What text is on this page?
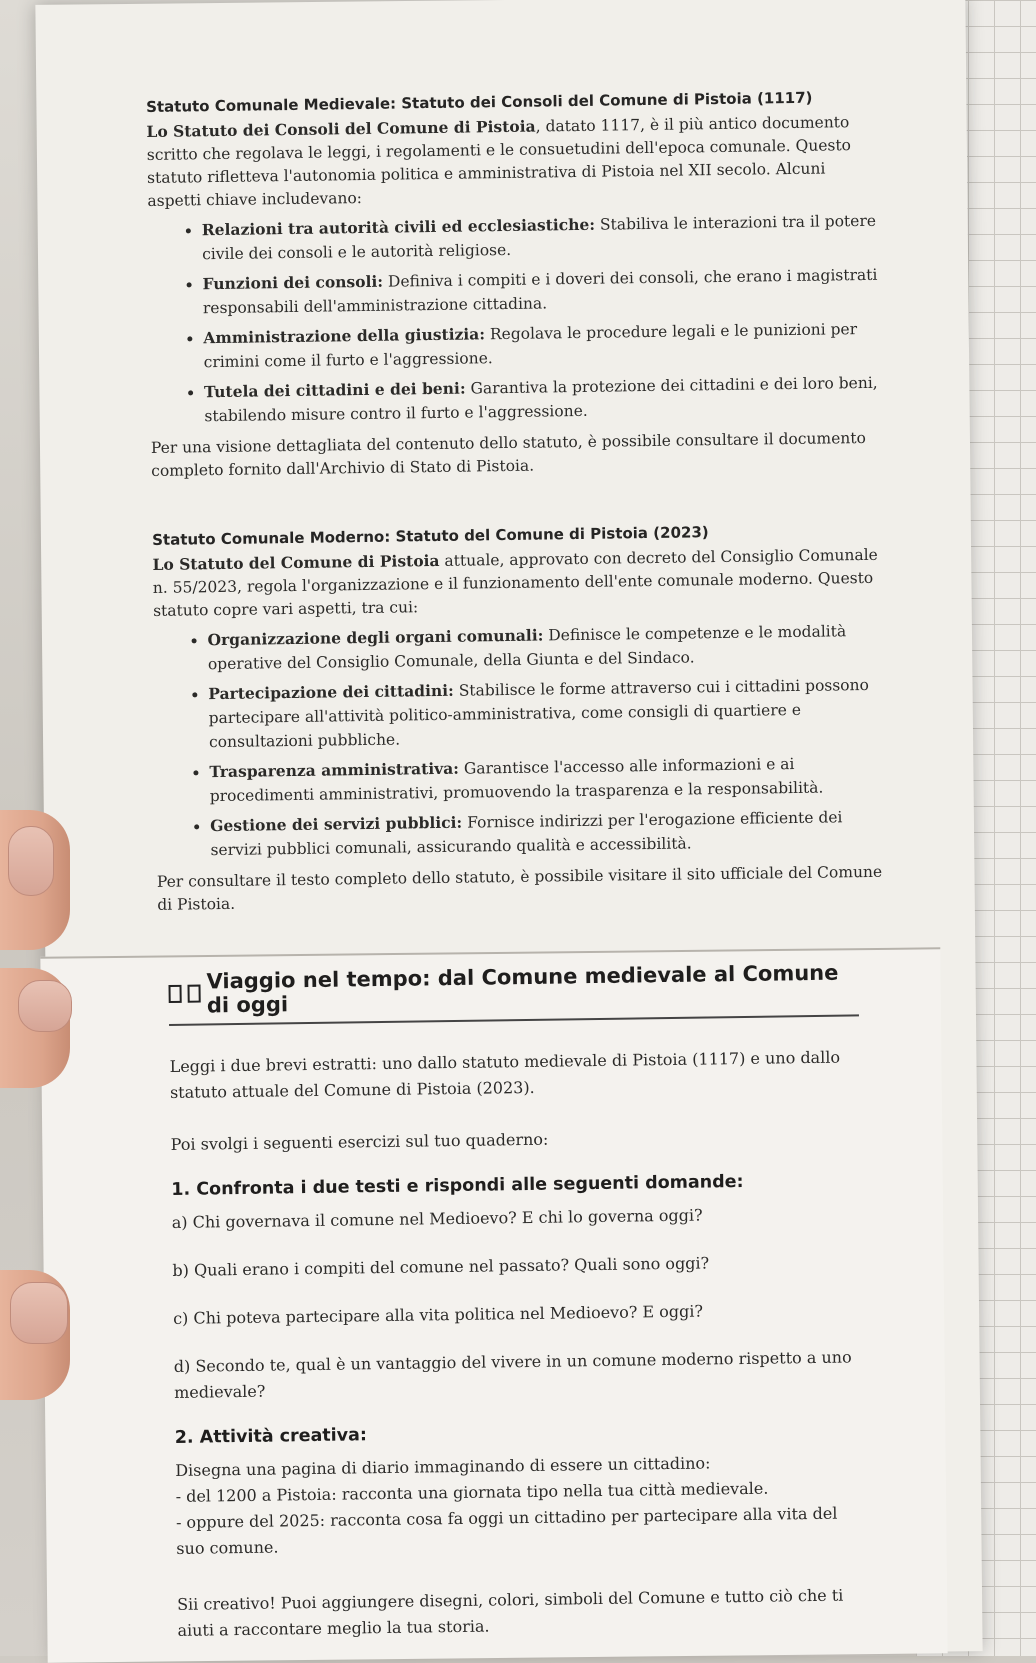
Statuto Comunale Medievale: Statuto dei Consoli del Comune di Pistoia (1117)

Lo Statuto dei Consoli del Comune di Pistoia, datato 1117, è il più antico documento scritto che regolava le leggi, i regolamenti e le consuetudini dell'epoca comunale. Questo statuto rifletteva l'autonomia politica e amministrativa di Pistoia nel XII secolo. Alcuni aspetti chiave includevano:

• Relazioni tra autorità civili ed ecclesiastiche: Stabiliva le interazioni tra il potere civile dei consoli e le autorità religiose.
• Funzioni dei consoli: Definiva i compiti e i doveri dei consoli, che erano i magistrati responsabili dell'amministrazione cittadina.
• Amministrazione della giustizia: Regolava le procedure legali e le punizioni per crimini come il furto e l'aggressione.
• Tutela dei cittadini e dei beni: Garantiva la protezione dei cittadini e dei loro beni, stabilendo misure contro il furto e l'aggressione.

Per una visione dettagliata del contenuto dello statuto, è possibile consultare il documento completo fornito dall'Archivio di Stato di Pistoia.

Statuto Comunale Moderno: Statuto del Comune di Pistoia (2023)

Lo Statuto del Comune di Pistoia attuale, approvato con decreto del Consiglio Comunale n. 55/2023, regola l'organizzazione e il funzionamento dell'ente comunale moderno. Questo statuto copre vari aspetti, tra cui:

• Organizzazione degli organi comunali: Definisce le competenze e le modalità operative del Consiglio Comunale, della Giunta e del Sindaco.
• Partecipazione dei cittadini: Stabilisce le forme attraverso cui i cittadini possono partecipare all'attività politico-amministrativa, come consigli di quartiere e consultazioni pubbliche.
• Trasparenza amministrativa: Garantisce l'accesso alle informazioni e ai procedimenti amministrativi, promuovendo la trasparenza e la responsabilità.
• Gestione dei servizi pubblici: Fornisce indirizzi per l'erogazione efficiente dei servizi pubblici comunali, assicurando qualità e accessibilità.

Per consultare il testo completo dello statuto, è possibile visitare il sito ufficiale del Comune di Pistoia.

Viaggio nel tempo: dal Comune medievale al Comune di oggi

Leggi i due brevi estratti: uno dallo statuto medievale di Pistoia (1117) e uno dallo statuto attuale del Comune di Pistoia (2023).

Poi svolgi i seguenti esercizi sul tuo quaderno:

1. Confronta i due testi e rispondi alle seguenti domande:

a) Chi governava il comune nel Medioevo? E chi lo governa oggi?

b) Quali erano i compiti del comune nel passato? Quali sono oggi?

c) Chi poteva partecipare alla vita politica nel Medioevo? E oggi?

d) Secondo te, qual è un vantaggio del vivere in un comune moderno rispetto a uno medievale?

2. Attività creativa:

Disegna una pagina di diario immaginando di essere un cittadino:

- del 1200 a Pistoia: racconta una giornata tipo nella tua città medievale.

- oppure del 2025: racconta cosa fa oggi un cittadino per partecipare alla vita del suo comune.

Sii creativo! Puoi aggiungere disegni, colori, simboli del Comune e tutto ciò che ti aiuti a raccontare meglio la tua storia.
